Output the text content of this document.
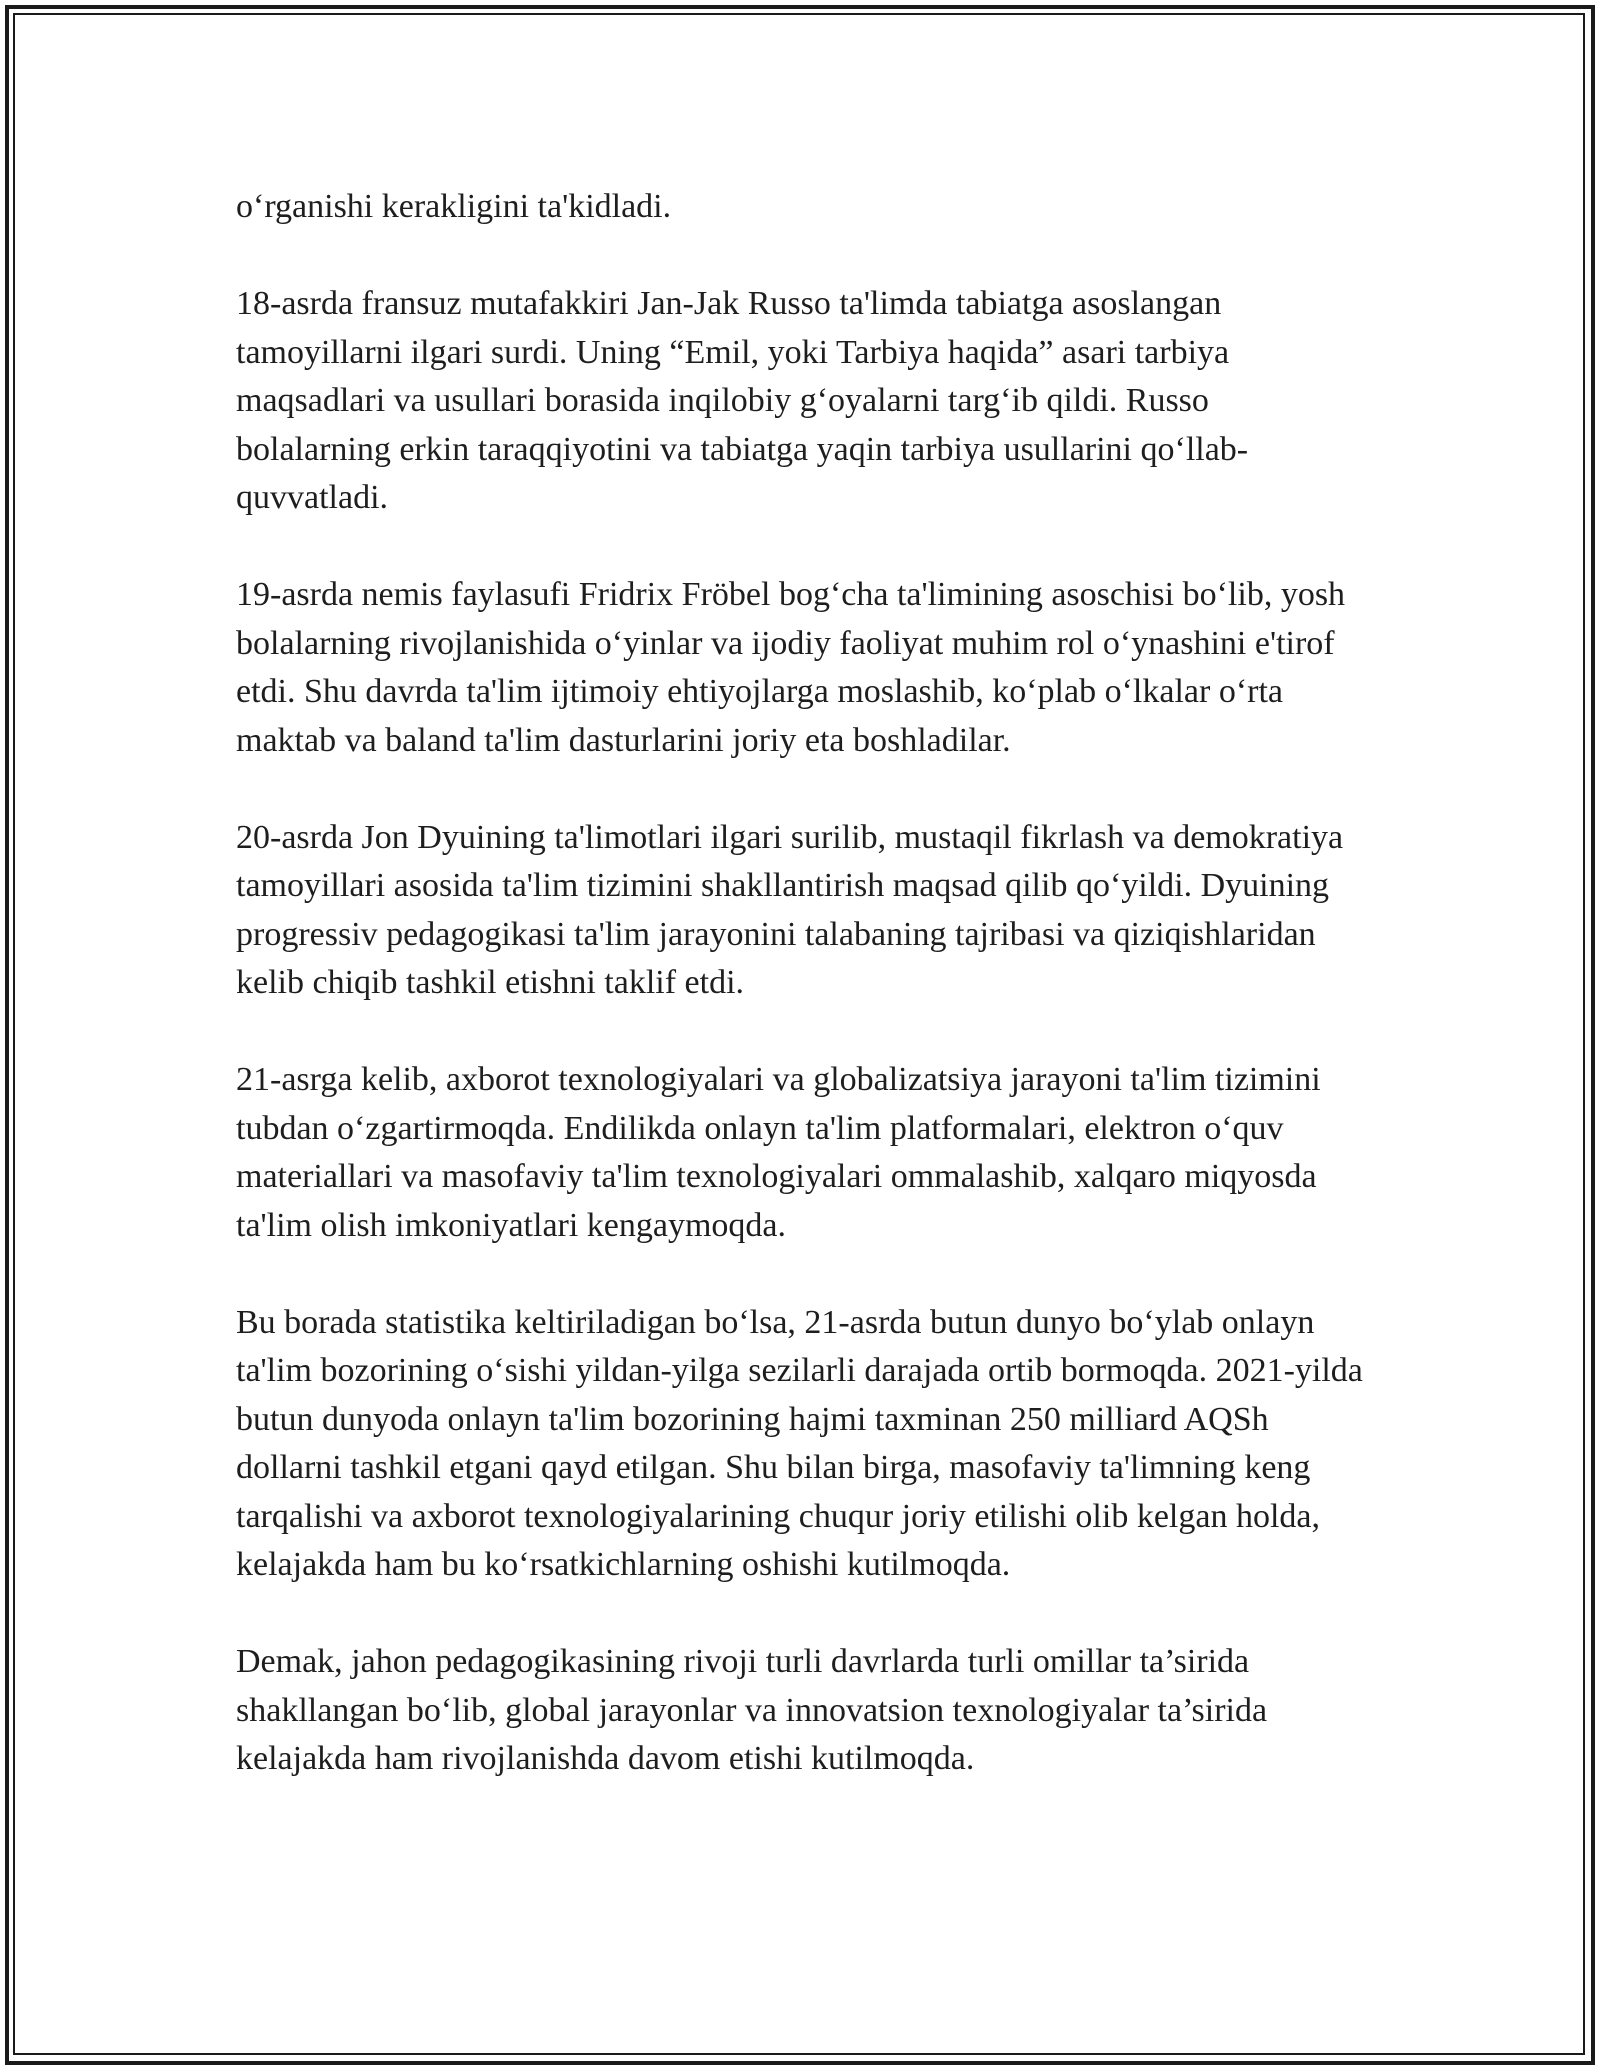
o‘rganishi kerakligini ta'kidladi.

18-asrda fransuz mutafakkiri Jan-Jak Russo ta'limda tabiatga asoslangan tamoyillarni ilgari surdi. Uning “Emil, yoki Tarbiya haqida” asari tarbiya maqsadlari va usullari borasida inqilobiy g‘oyalarni targ‘ib qildi. Russo bolalarning erkin taraqqiyotini va tabiatga yaqin tarbiya usullarini qo‘llab-quvvatladi.

19-asrda nemis faylasufi Fridrix Fröbel bog‘cha ta'limining asoschisi bo‘lib, yosh bolalarning rivojlanishida o‘yinlar va ijodiy faoliyat muhim rol o‘ynashini e'tirof etdi. Shu davrda ta'lim ijtimoiy ehtiyojlarga moslashib, ko‘plab o‘lkalar o‘rta maktab va baland ta'lim dasturlarini joriy eta boshladilar.

20-asrda Jon Dyuining ta'limotlari ilgari surilib, mustaqil fikrlash va demokratiya tamoyillari asosida ta'lim tizimini shakllantirish maqsad qilib qo‘yildi. Dyuining progressiv pedagogikasi ta'lim jarayonini talabaning tajribasi va qiziqishlaridan kelib chiqib tashkil etishni taklif etdi.

21-asrga kelib, axborot texnologiyalari va globalizatsiya jarayoni ta'lim tizimini tubdan o‘zgartirmoqda. Endilikda onlayn ta'lim platformalari, elektron o‘quv materiallari va masofaviy ta'lim texnologiyalari ommalashib, xalqaro miqyosda ta'lim olish imkoniyatlari kengaymoqda.

Bu borada statistika keltiriladigan bo‘lsa, 21-asrda butun dunyo bo‘ylab onlayn ta'lim bozorining o‘sishi yildan-yilga sezilarli darajada ortib bormoqda. 2021-yilda butun dunyoda onlayn ta'lim bozorining hajmi taxminan 250 milliard AQSh dollarni tashkil etgani qayd etilgan. Shu bilan birga, masofaviy ta'limning keng tarqalishi va axborot texnologiyalarining chuqur joriy etilishi olib kelgan holda, kelajakda ham bu ko‘rsatkichlarning oshishi kutilmoqda.

Demak, jahon pedagogikasining rivoji turli davrlarda turli omillar ta’sirida shakllangan bo‘lib, global jarayonlar va innovatsion texnologiyalar ta’sirida kelajakda ham rivojlanishda davom etishi kutilmoqda.
